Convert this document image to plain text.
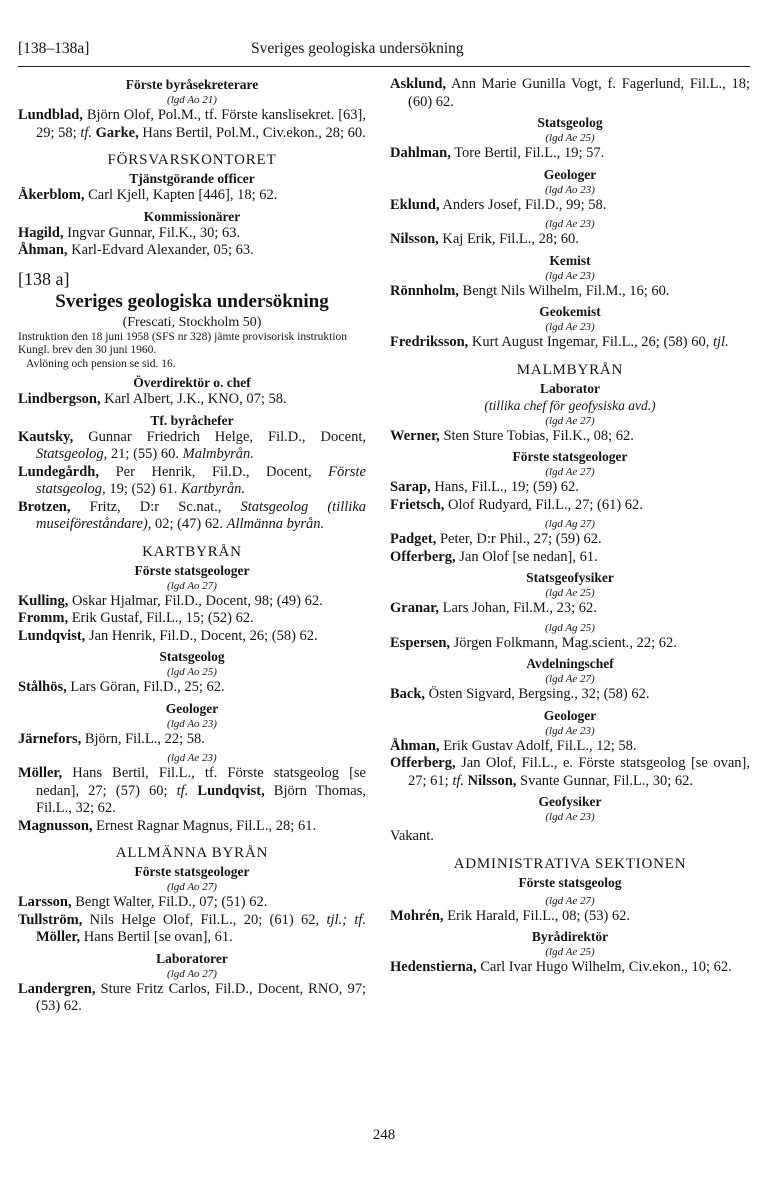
[138–138a]	Sveriges geologiska undersökning
Förste byråsekreterare
(lgd Ao 21)
Lundblad, Björn Olof, Pol.M., tf. Förste kanslisekret. [63], 29; 58; tf. Garke, Hans Bertil, Pol.M., Civ.ekon., 28; 60.
FÖRSVARSKONTORET
Tjänstgörande officer
Åkerblom, Carl Kjell, Kapten [446], 18; 62.
Kommissionärer
Hagild, Ingvar Gunnar, Fil.K., 30; 63.
Åhman, Karl-Edvard Alexander, 05; 63.
[138 a]
Sveriges geologiska undersökning
(Frescati, Stockholm 50)
Instruktion den 18 juni 1958 (SFS nr 328) jämte provisorisk instruktion Kungl. brev den 30 juni 1960.
Avlöning och pension se sid. 16.
Överdirektör o. chef
Lindbergson, Karl Albert, J.K., KNO, 07; 58.
Tf. byråchefer
Kautsky, Gunnar Friedrich Helge, Fil.D., Docent, Statsgeolog, 21; (55) 60. Malmbyrån.
Lundegårdh, Per Henrik, Fil.D., Docent, Förste statsgeolog, 19; (52) 61. Kartbyrån.
Brotzen, Fritz, D:r Sc.nat., Statsgeolog (tillika museiföreståndare), 02; (47) 62. Allmänna byrån.
KARTBYRÅN
Förste statsgeologer
(lgd Ao 27)
Kulling, Oskar Hjalmar, Fil.D., Docent, 98; (49) 62.
Fromm, Erik Gustaf, Fil.L., 15; (52) 62.
Lundqvist, Jan Henrik, Fil.D., Docent, 26; (58) 62.
Statsgeolog
(lgd Ao 25)
Stålhös, Lars Göran, Fil.D., 25; 62.
Geologer
(lgd Ao 23)
Järnefors, Björn, Fil.L., 22; 58.
(lgd Ae 23)
Möller, Hans Bertil, Fil.L., tf. Förste statsgeolog [se nedan], 27; (57) 60; tf. Lundqvist, Björn Thomas, Fil.L., 32; 62.
Magnusson, Ernest Ragnar Magnus, Fil.L., 28; 61.
ALLMÄNNA BYRÅN
Förste statsgeologer
(lgd Ao 27)
Larsson, Bengt Walter, Fil.D., 07; (51) 62.
Tullström, Nils Helge Olof, Fil.L., 20; (61) 62, tjl.; tf. Möller, Hans Bertil [se ovan], 61.
Laboratorer
(lgd Ao 27)
Landergren, Sture Fritz Carlos, Fil.D., Docent, RNO, 97; (53) 62.
Asklund, Ann Marie Gunilla Vogt, f. Fagerlund, Fil.L., 18; (60) 62.
Statsgeolog
(lgd Ae 25)
Dahlman, Tore Bertil, Fil.L., 19; 57.
Geologer
(lgd Ao 23)
Eklund, Anders Josef, Fil.D., 99; 58.
(lgd Ae 23)
Nilsson, Kaj Erik, Fil.L., 28; 60.
Kemist
(lgd Ae 23)
Rönnholm, Bengt Nils Wilhelm, Fil.M., 16; 60.
Geokemist
(lgd Ae 23)
Fredriksson, Kurt August Ingemar, Fil.L., 26; (58) 60, tjl.
MALMBYRÅN
Laborator
(tillika chef för geofysiska avd.)
(lgd Ae 27)
Werner, Sten Sture Tobias, Fil.K., 08; 62.
Förste statsgeologer
(lgd Ae 27)
Sarap, Hans, Fil.L., 19; (59) 62.
Frietsch, Olof Rudyard, Fil.L., 27; (61) 62.
(lgd Ag 27)
Padget, Peter, D:r Phil., 27; (59) 62.
Offerberg, Jan Olof [se nedan], 61.
Statsgeofysiker
(lgd Ae 25)
Granar, Lars Johan, Fil.M., 23; 62.
(lgd Ag 25)
Espersen, Jörgen Folkmann, Mag.scient., 22; 62.
Avdelningschef
(lgd Ae 27)
Back, Östen Sigvard, Bergsing., 32; (58) 62.
Geologer
(lgd Ae 23)
Åhman, Erik Gustav Adolf, Fil.L., 12; 58.
Offerberg, Jan Olof, Fil.L., e. Förste statsgeolog [se ovan], 27; 61; tf. Nilsson, Svante Gunnar, Fil.L., 30; 62.
Geofysiker
(lgd Ae 23)
Vakant.
ADMINISTRATIVA SEKTIONEN
Förste statsgeolog
(lgd Ae 27)
Mohrén, Erik Harald, Fil.L., 08; (53) 62.
Byrådirektör
(lgd Ae 25)
Hedenstierna, Carl Ivar Hugo Wilhelm, Civ.ekon., 10; 62.
248
